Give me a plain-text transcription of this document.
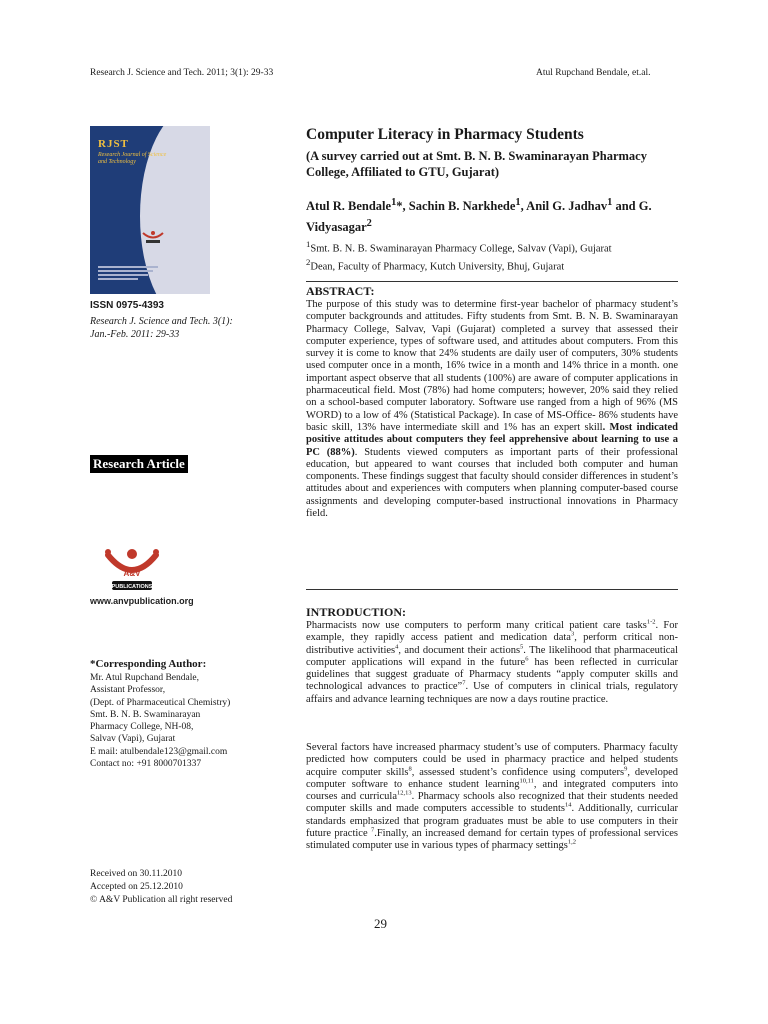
Research J. Science and Tech. 2011; 3(1): 29-33	Atul Rupchand Bendale, et.al.
RJST
Research Journal of Science and Technology
ISSN 0975-4393
Research J. Science and Tech. 3(1):
Jan.-Feb. 2011: 29-33
Research Article
A&V
PUBLICATIONS
www.anvpublication.org
*Corresponding Author:
Mr. Atul Rupchand Bendale,
Assistant Professor,
(Dept. of Pharmaceutical Chemistry)
Smt. B. N. B. Swaminarayan
Pharmacy College, NH-08,
Salvav (Vapi), Gujarat
E mail: atulbendale123@gmail.com
Contact no: +91 8000701337
Received on 30.11.2010
Accepted on 25.12.2010
© A&V Publication all right reserved
Computer Literacy in Pharmacy Students
(A survey carried out at Smt. B. N. B. Swaminarayan Pharmacy College, Affiliated to GTU, Gujarat)
Atul R. Bendale$^1$*, Sachin B. Narkhede$^1$, Anil G. Jadhav$^1$ and G. Vidyasagar$^2$
$^1$Smt. B. N. B. Swaminarayan Pharmacy College, Salvav (Vapi), Gujarat
$^2$Dean, Faculty of Pharmacy, Kutch University, Bhuj, Gujarat
ABSTRACT:
The purpose of this study was to determine first-year bachelor of pharmacy student’s computer backgrounds and attitudes. Fifty students from Smt. B. N. B. Swaminarayan Pharmacy College, Salvav, Vapi (Gujarat) completed a survey that assessed their computer experience, types of software used, and attitudes about computers. From this survey it is come to know that 24% students are daily user of computers, 30% students used computer once in a month, 16% twice in a month and 14% thrice in a month. one important aspect observe that all students (100%) are aware of computer applications in pharmaceutical field. Most (78%) had home computers; however, 20% said they relied on a school-based computer laboratory. Software use ranged from a high of 96% (MS WORD) to a low of 4% (Statistical Package). In case of MS-Office- 86% students have basic skill, 13% have intermediate skill and 1% has an expert skill. Most indicated positive attitudes about computers they feel apprehensive about learning to use a PC (88%). Students viewed computers as important parts of their professional education, but appeared to want courses that included both computer and human components. These findings suggest that faculty should consider differences in student’s attitudes about and experiences with computers when planning computer-based course assignments and developing computer-based instructional innovations in Pharmacy field.
INTRODUCTION:
Pharmacists now use computers to perform many critical patient care tasks$^{1-2}$. For example, they rapidly access patient and medication data$^3$, perform critical non-distributive activities$^4$, and document their actions$^5$. The likelihood that pharmaceutical computer applications will expand in the future$^6$ has been reflected in curricular guidelines that suggest graduate of Pharmacy students “apply computer skills and technological advances to practice”$^7$. Use of computers in clinical trials, regulatory affairs and advance learning techniques are now a days routine practice.
Several factors have increased pharmacy student’s use of computers. Pharmacy faculty predicted how computers could be used in pharmacy practice and helped students acquire computer skills$^8$, assessed student’s confidence using computers$^9$, developed computer software to enhance student learning$^{10,11}$, and integrated computers into courses and curricula$^{12,13}$. Pharmacy schools also recognized that their students needed computer skills and made computers accessible to students$^{14}$. Additionally, curricular standards emphasized that program graduates must be able to use computers in their future practice $^7$.Finally, an increased demand for certain types of professional services stimulated computer use in various types of pharmacy settings$^{1,2}$
29
